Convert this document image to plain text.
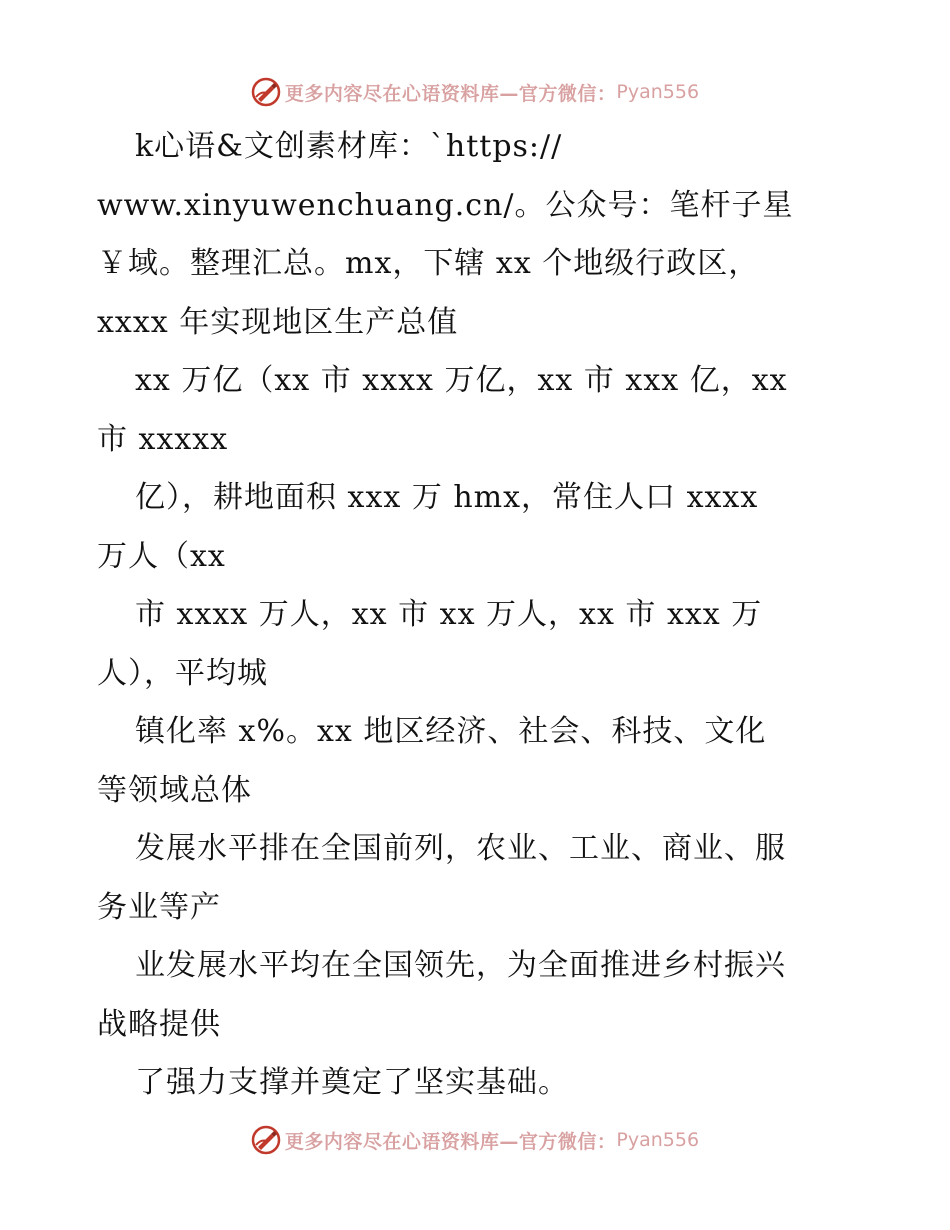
更多内容尽在心语资料库—官方微信： Pyan556
k心语&文创素材库：`https://
www.xinyuwenchuang.cn/。公众号：笔杆子星
￥域。整理汇总。mx，下辖 xx 个地级行政区，
xxxx 年实现地区生产总值
xx 万亿（xx 市 xxxx 万亿，xx 市 xxx 亿，xx
市 xxxxx
亿），耕地面积 xxx 万 hmx，常住人口 xxxx
万人（xx
市 xxxx 万人，xx 市 xx 万人，xx 市 xxx 万
人），平均城
镇化率 x%。xx 地区经济、社会、科技、文化
等领域总体
发展水平排在全国前列，农业、工业、商业、服
务业等产
业发展水平均在全国领先，为全面推进乡村振兴
战略提供
了强力支撑并奠定了坚实基础。
更多内容尽在心语资料库—官方微信： Pyan556
